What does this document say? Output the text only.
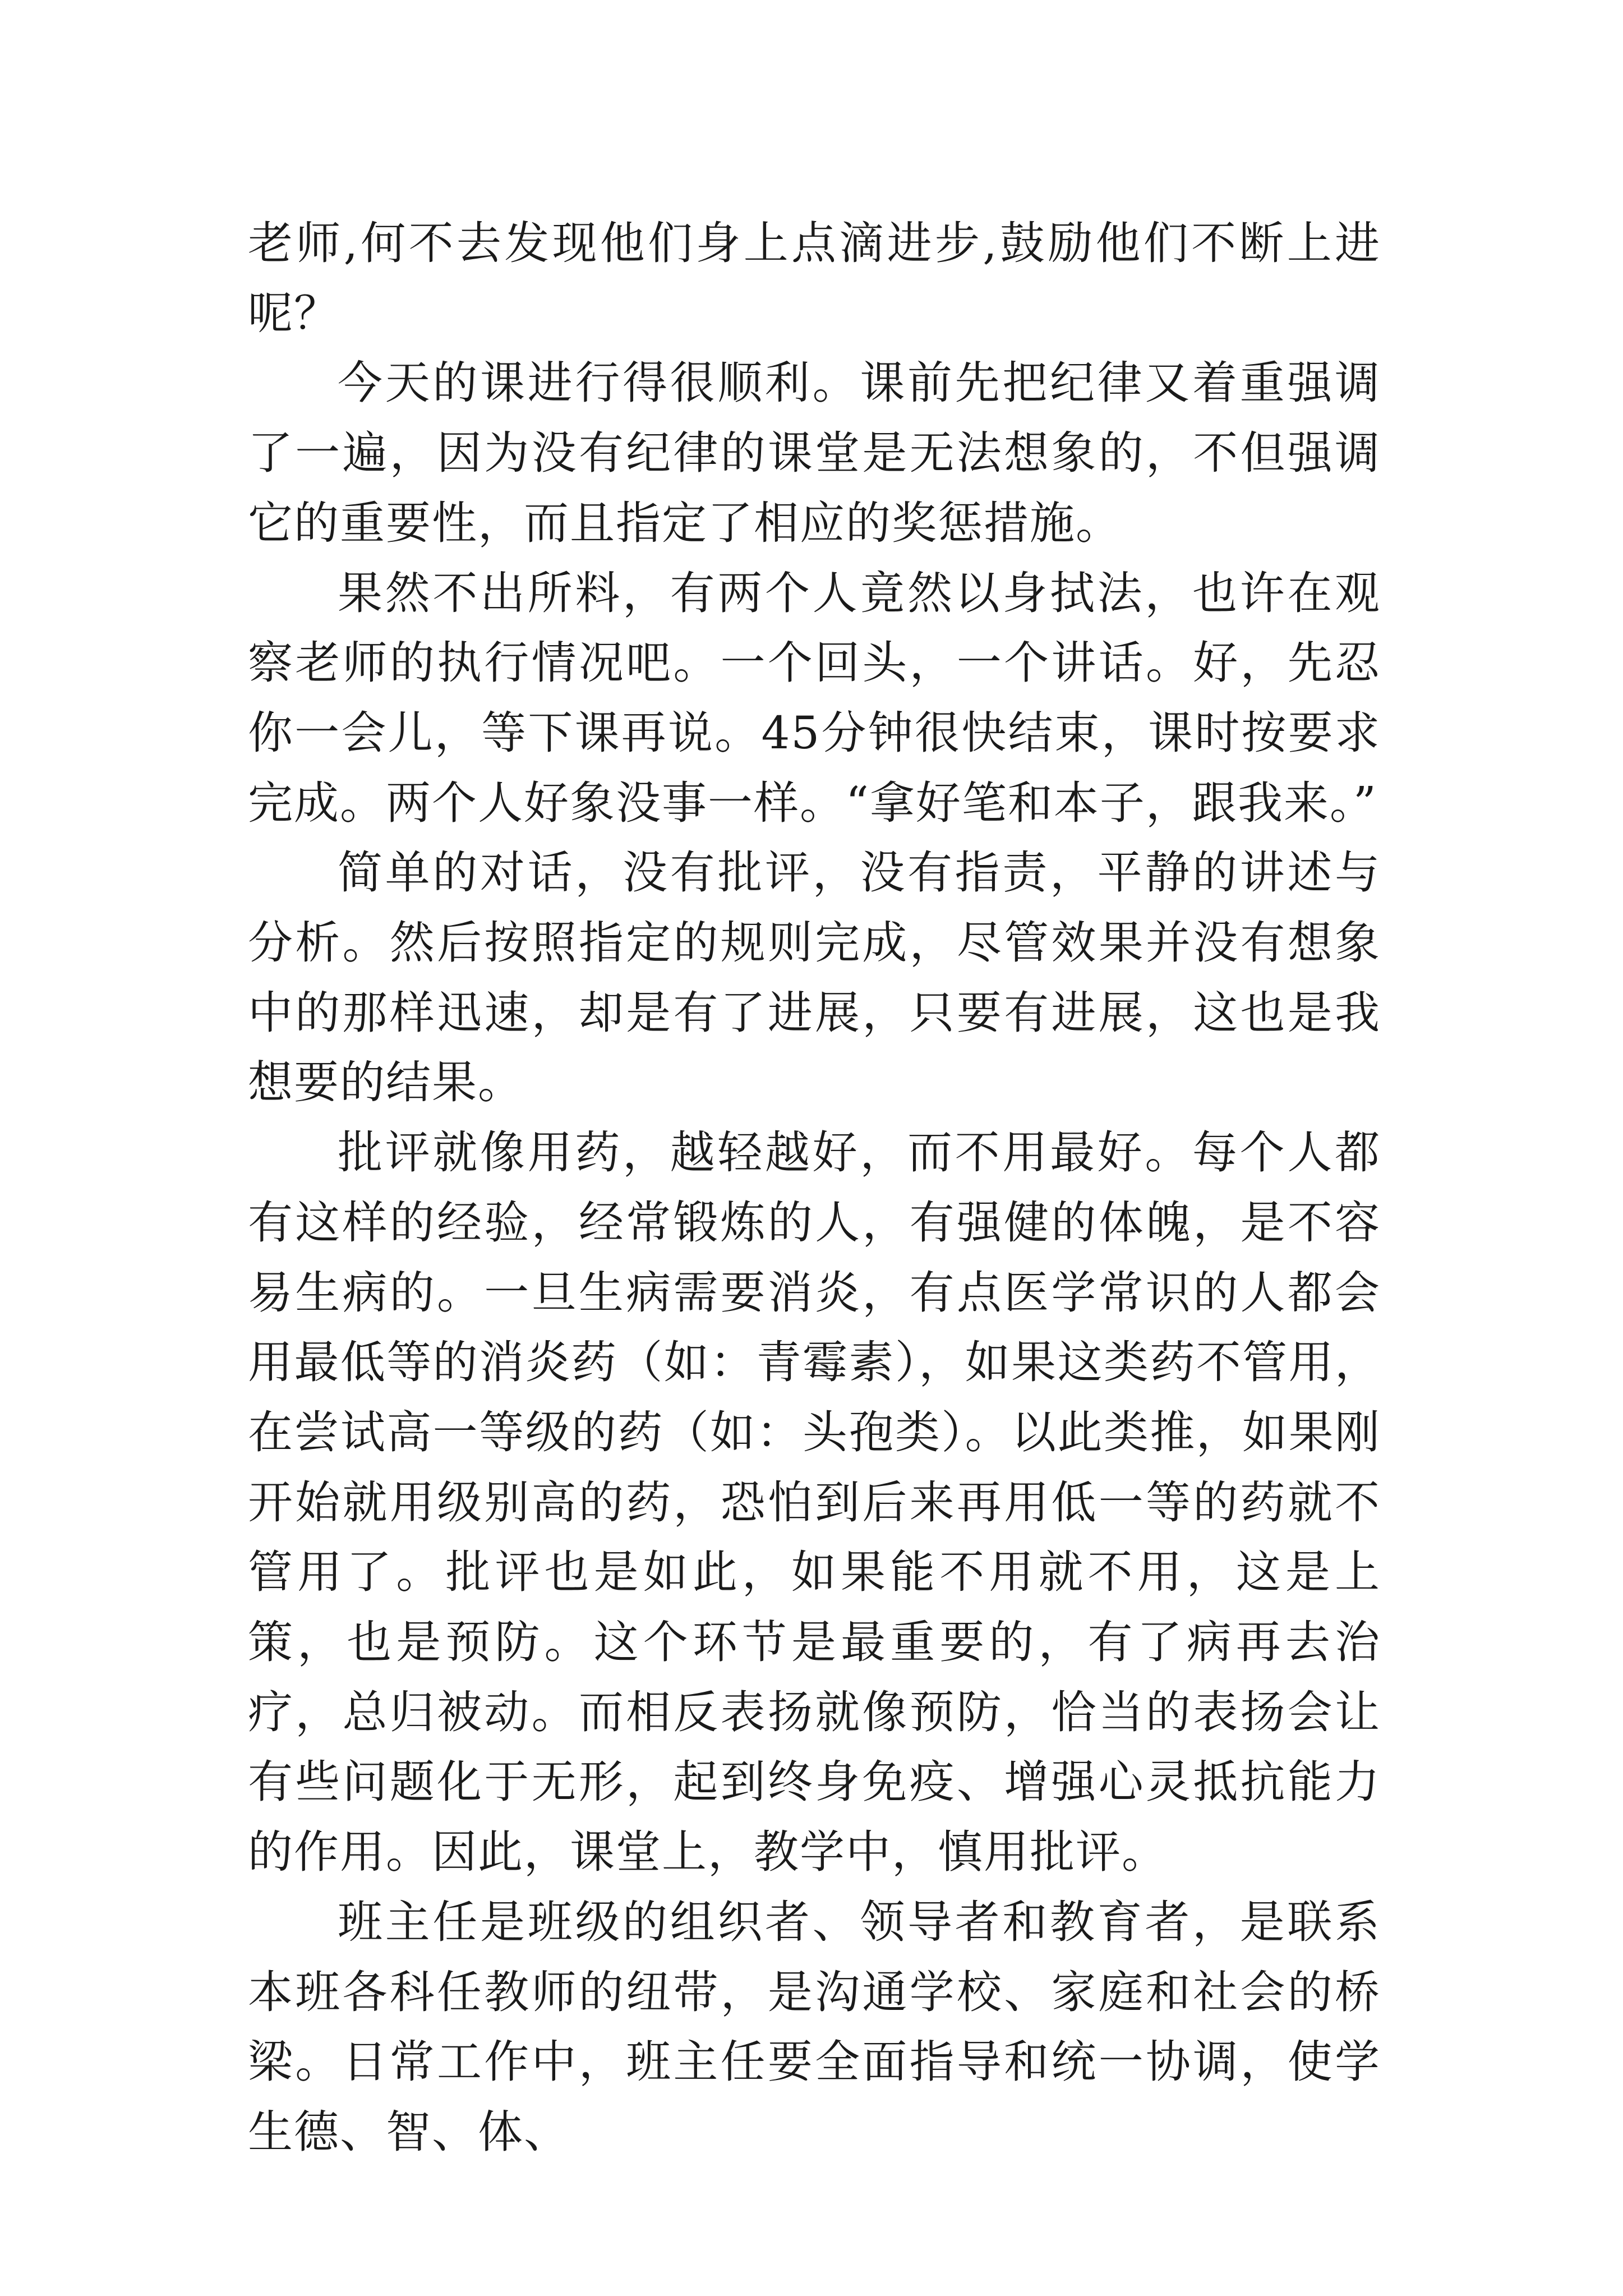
老师,何不去发现他们身上点滴进步,鼓励他们不断上进呢？

今天的课进行得很顺利。课前先把纪律又着重强调了一遍，因为没有纪律的课堂是无法想象的，不但强调它的重要性，而且指定了相应的奖惩措施。

果然不出所料，有两个人竟然以身拭法，也许在观察老师的执行情况吧。一个回头，一个讲话。好，先忍你一会儿，等下课再说。45分钟很快结束，课时按要求完成。两个人好象没事一样。“拿好笔和本子，跟我来。”

简单的对话，没有批评，没有指责，平静的讲述与分析。然后按照指定的规则完成，尽管效果并没有想象中的那样迅速，却是有了进展，只要有进展，这也是我想要的结果。

批评就像用药，越轻越好，而不用最好。每个人都有这样的经验，经常锻炼的人，有强健的体魄，是不容易生病的。一旦生病需要消炎，有点医学常识的人都会用最低等的消炎药（如：青霉素），如果这类药不管用，在尝试高一等级的药（如：头孢类）。以此类推，如果刚开始就用级别高的药，恐怕到后来再用低一等的药就不管用了。批评也是如此，如果能不用就不用，这是上策，也是预防。这个环节是最重要的，有了病再去治疗，总归被动。而相反表扬就像预防，恰当的表扬会让有些问题化于无形，起到终身免疫、增强心灵抵抗能力的作用。因此，课堂上，教学中，慎用批评。

班主任是班级的组织者、领导者和教育者，是联系本班各科任教师的纽带，是沟通学校、家庭和社会的桥梁。日常工作中，班主任要全面指导和统一协调，使学生德、智、体、
